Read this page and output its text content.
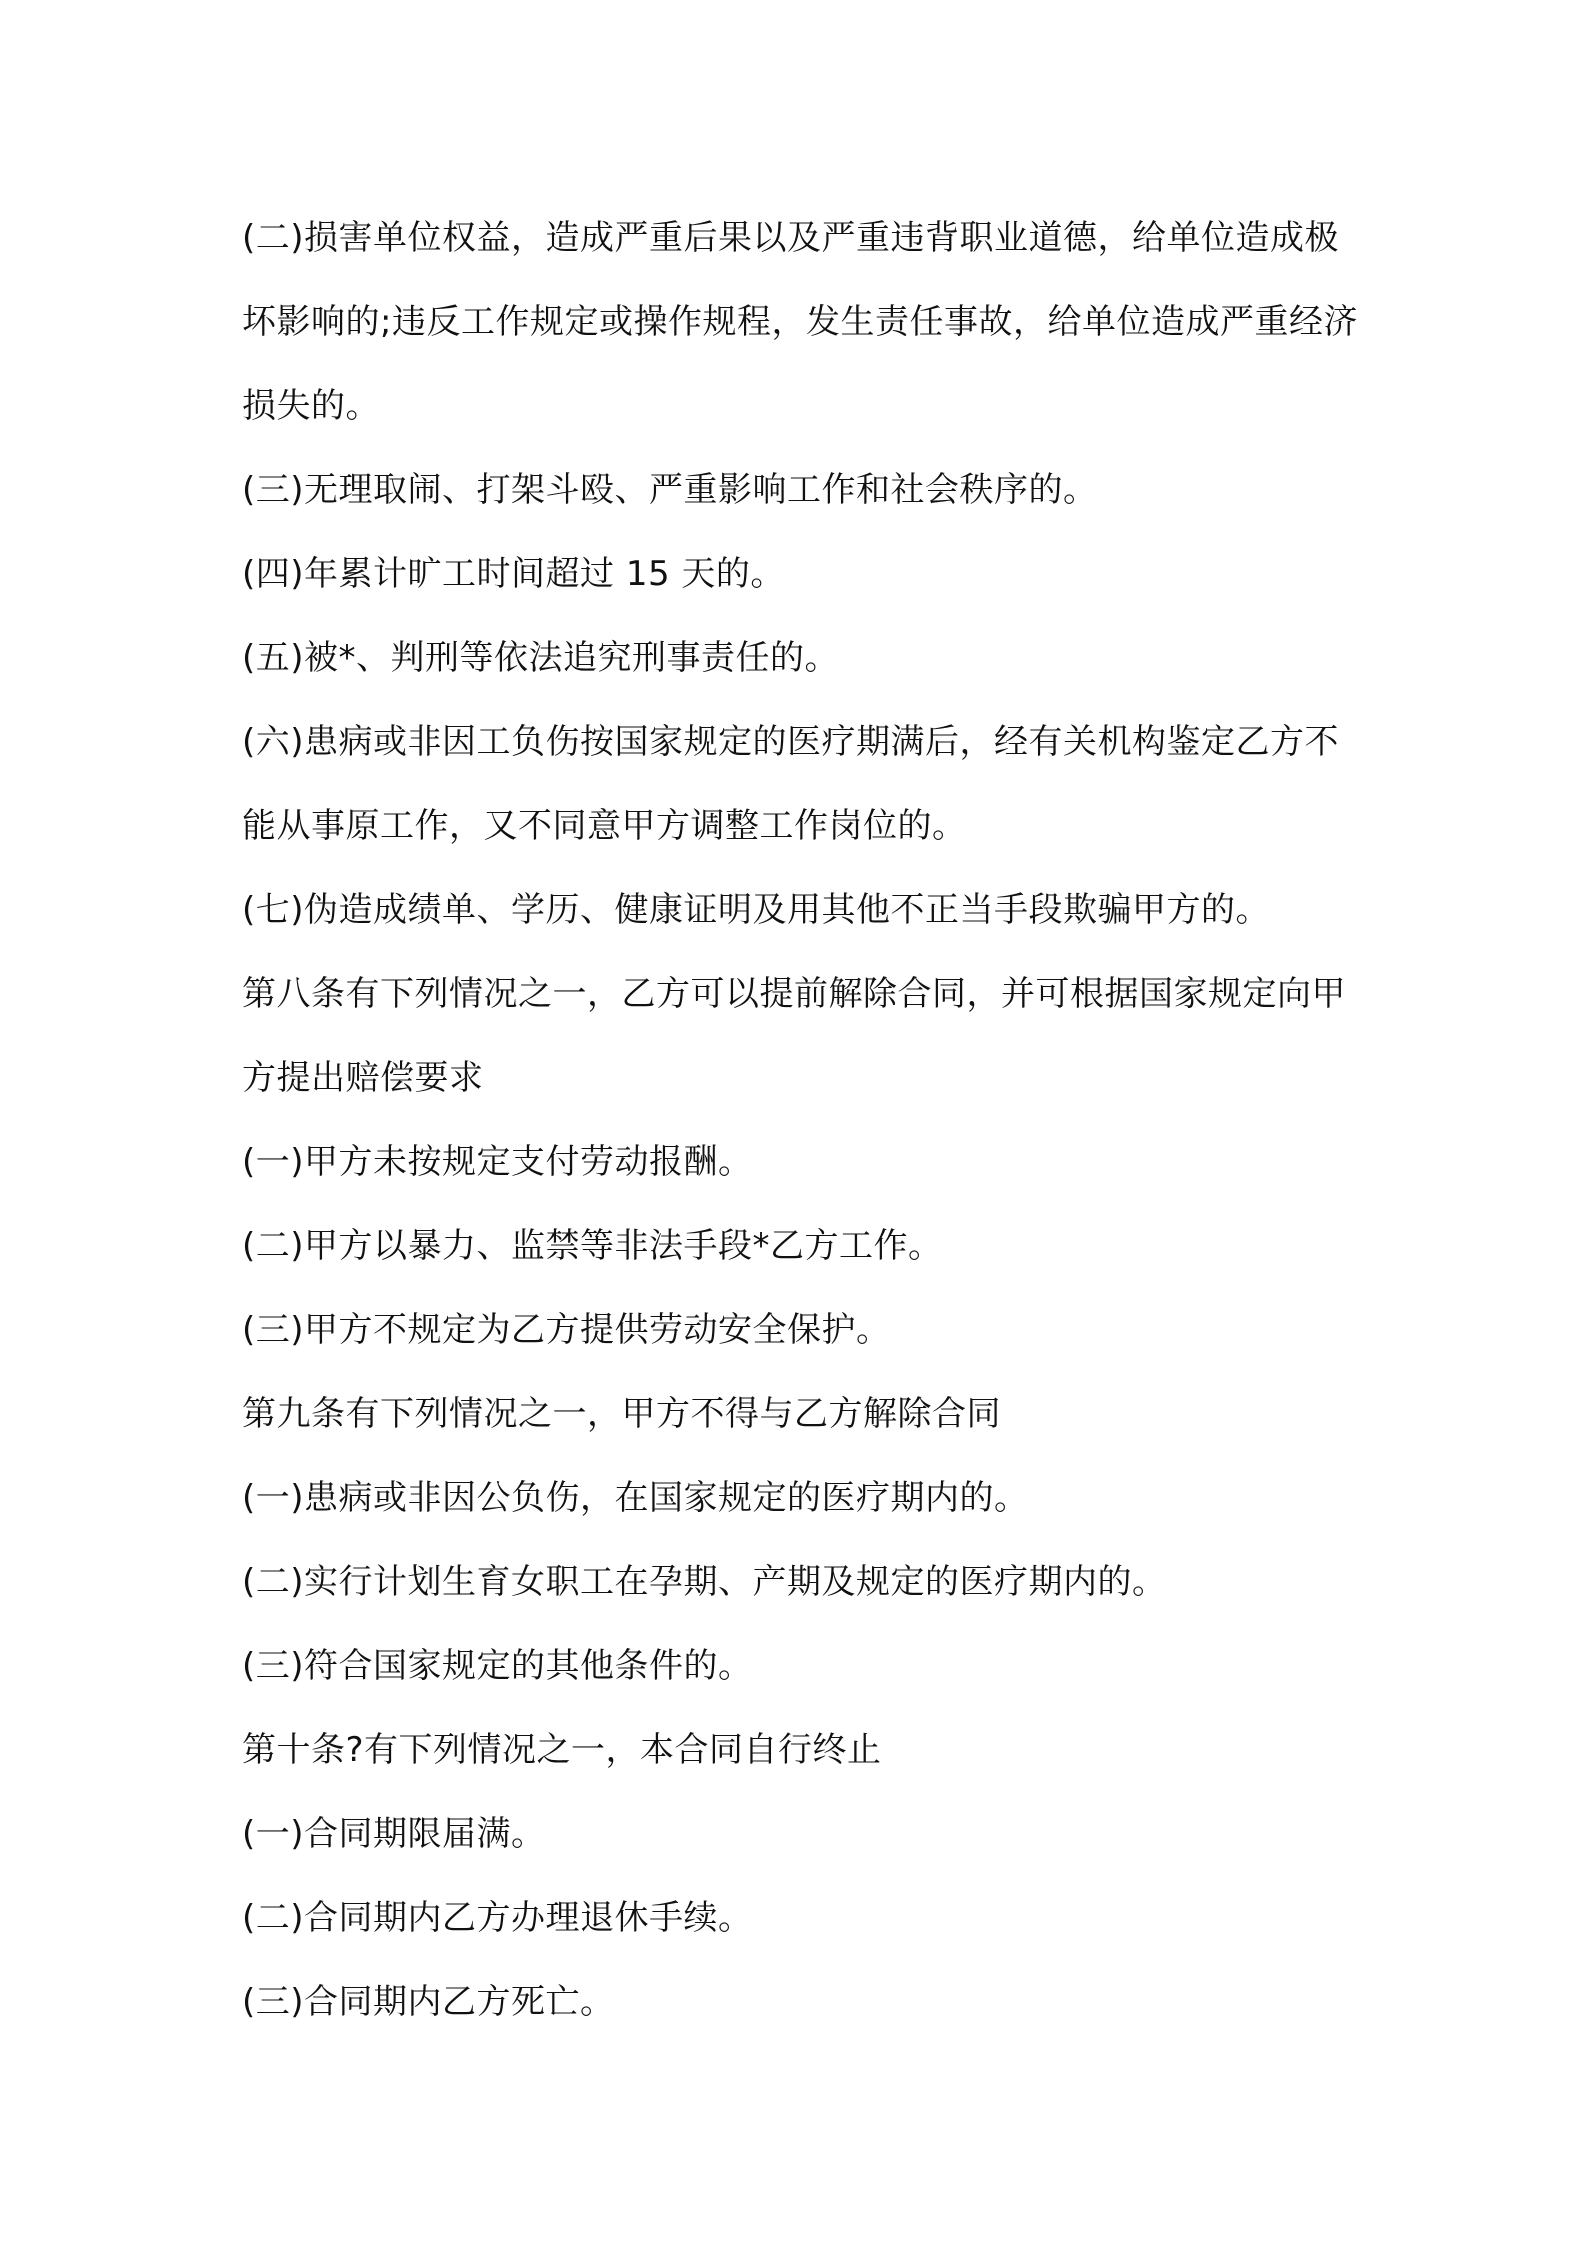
(二)损害单位权益，造成严重后果以及严重违背职业道德，给单位造成极坏影响的;违反工作规定或操作规程，发生责任事故，给单位造成严重经济损失的。

(三)无理取闹、打架斗殴、严重影响工作和社会秩序的。

(四)年累计旷工时间超过 15 天的。

(五)被*、判刑等依法追究刑事责任的。

(六)患病或非因工负伤按国家规定的医疗期满后，经有关机构鉴定乙方不能从事原工作，又不同意甲方调整工作岗位的。

(七)伪造成绩单、学历、健康证明及用其他不正当手段欺骗甲方的。

第八条有下列情况之一，乙方可以提前解除合同，并可根据国家规定向甲方提出赔偿要求

(一)甲方未按规定支付劳动报酬。

(二)甲方以暴力、监禁等非法手段*乙方工作。

(三)甲方不规定为乙方提供劳动安全保护。

第九条有下列情况之一，甲方不得与乙方解除合同

(一)患病或非因公负伤，在国家规定的医疗期内的。

(二)实行计划生育女职工在孕期、产期及规定的医疗期内的。

(三)符合国家规定的其他条件的。

第十条?有下列情况之一，本合同自行终止

(一)合同期限届满。

(二)合同期内乙方办理退休手续。

(三)合同期内乙方死亡。
